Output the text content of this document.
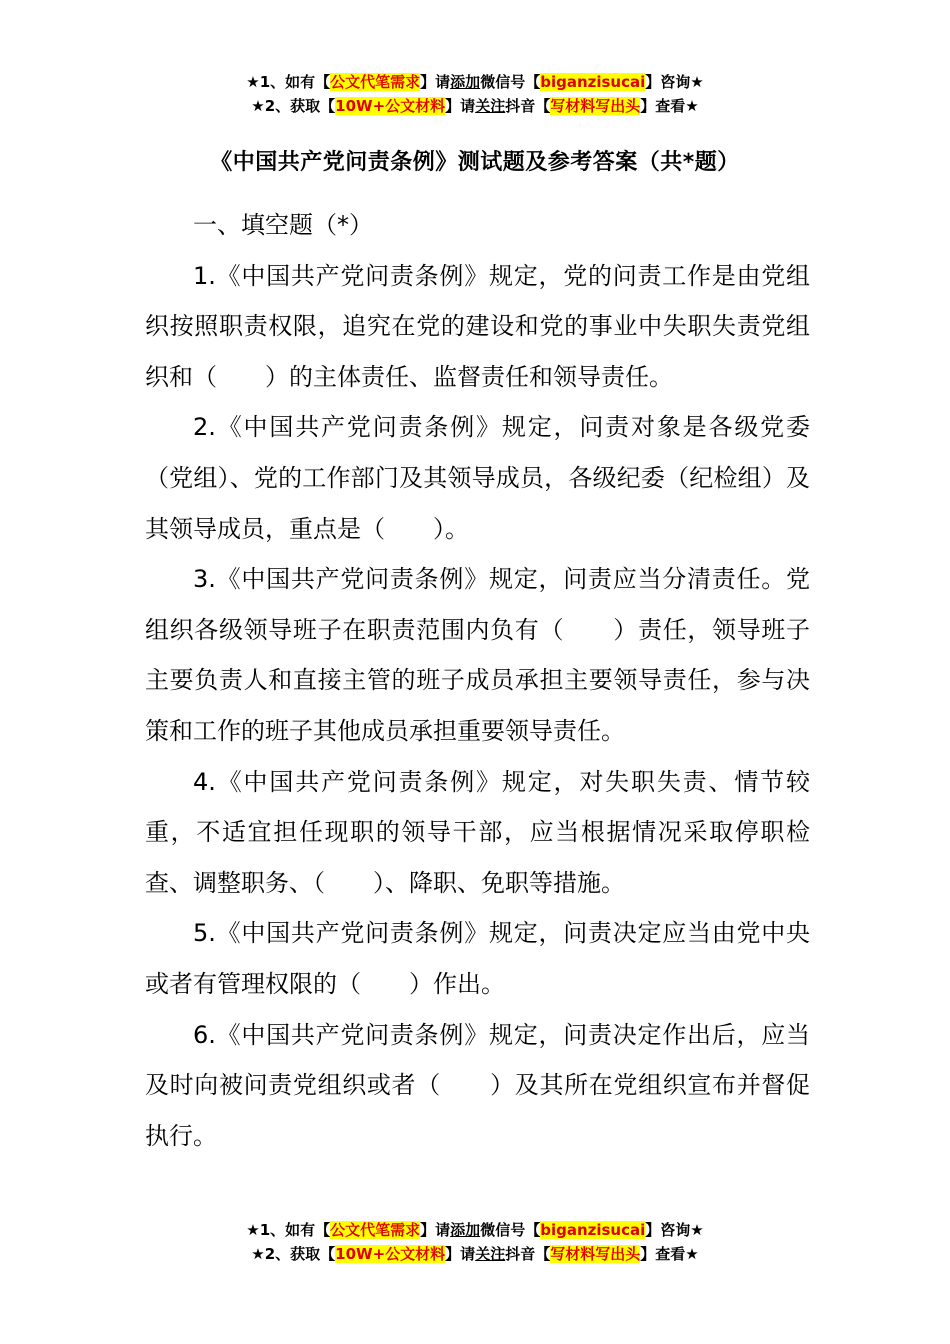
★1、如有【公文代笔需求】请添加微信号【biganzisucai】咨询★
★2、获取【10W+公文材料】请关注抖音【写材料写出头】查看★
《中国共产党问责条例》测试题及参考答案（共*题）

一、填空题（*）

1.《中国共产党问责条例》规定，党的问责工作是由党组织按照职责权限，追究在党的建设和党的事业中失职失责党组织和（　　）的主体责任、监督责任和领导责任。

2.《中国共产党问责条例》规定，问责对象是各级党委（党组）、党的工作部门及其领导成员，各级纪委（纪检组）及其领导成员，重点是（　　）。

3.《中国共产党问责条例》规定，问责应当分清责任。党组织各级领导班子在职责范围内负有（　　）责任，领导班子主要负责人和直接主管的班子成员承担主要领导责任，参与决策和工作的班子其他成员承担重要领导责任。

4.《中国共产党问责条例》规定，对失职失责、情节较重，不适宜担任现职的领导干部，应当根据情况采取停职检查、调整职务、（　　）、降职、免职等措施。

5.《中国共产党问责条例》规定，问责决定应当由党中央或者有管理权限的（　　）作出。

6.《中国共产党问责条例》规定，问责决定作出后，应当及时向被问责党组织或者（　　）及其所在党组织宣布并督促执行。

★1、如有【公文代笔需求】请添加微信号【biganzisucai】咨询★
★2、获取【10W+公文材料】请关注抖音【写材料写出头】查看★
